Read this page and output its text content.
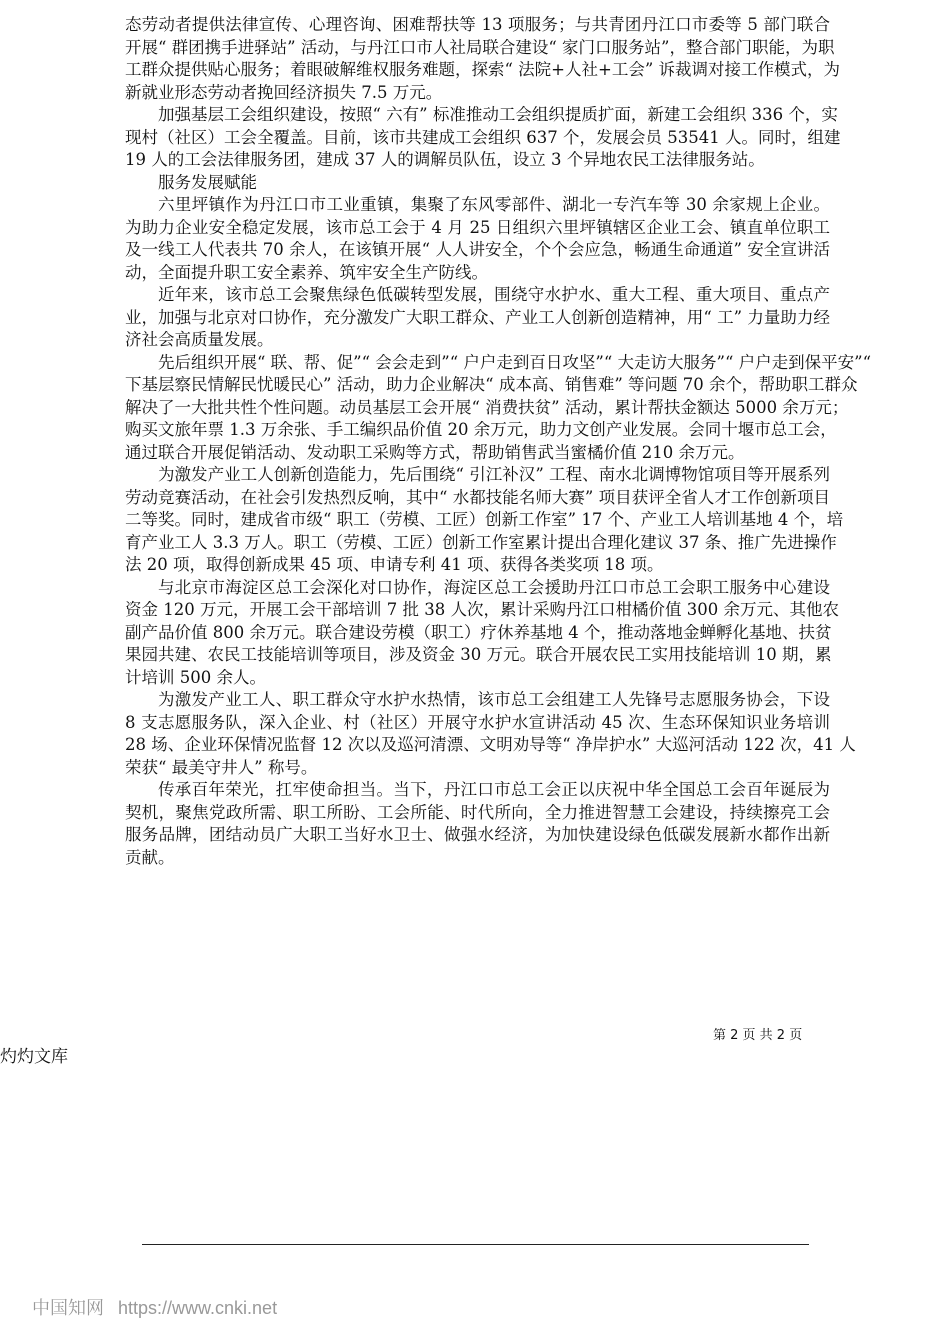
态劳动者提供法律宣传、心理咨询、困难帮扶等 13 项服务；与共青团丹江口市委等 5 部门联合
开展“ 群团携手进驿站” 活动，与丹江口市人社局联合建设“ 家门口服务站”，整合部门职能，为职
工群众提供贴心服务；着眼破解维权服务难题，探索“ 法院+人社+工会” 诉裁调对接工作模式，为
新就业形态劳动者挽回经济损失 7.5 万元。
加强基层工会组织建设，按照“ 六有” 标准推动工会组织提质扩面，新建工会组织 336 个，实
现村（社区）工会全覆盖。目前，该市共建成工会组织 637 个，发展会员 53541 人。同时，组建
19 人的工会法律服务团，建成 37 人的调解员队伍，设立 3 个异地农民工法律服务站。
服务发展赋能
六里坪镇作为丹江口市工业重镇，集聚了东风零部件、湖北一专汽车等 30 余家规上企业。
为助力企业安全稳定发展，该市总工会于 4 月 25 日组织六里坪镇辖区企业工会、镇直单位职工
及一线工人代表共 70 余人，在该镇开展“ 人人讲安全，个个会应急，畅通生命通道” 安全宣讲活
动，全面提升职工安全素养、筑牢安全生产防线。
近年来，该市总工会聚焦绿色低碳转型发展，围绕守水护水、重大工程、重大项目、重点产
业，加强与北京对口协作，充分激发广大职工群众、产业工人创新创造精神，用“ 工” 力量助力经
济社会高质量发展。
先后组织开展“ 联、帮、促”“ 会会走到”“ 户户走到百日攻坚”“ 大走访大服务”“ 户户走到保平安”“
下基层察民情解民忧暖民心” 活动，助力企业解决“ 成本高、销售难” 等问题 70 余个，帮助职工群众
解决了一大批共性个性问题。动员基层工会开展“ 消费扶贫” 活动，累计帮扶金额达 5000 余万元；
购买文旅年票 1.3 万余张、手工编织品价值 20 余万元，助力文创产业发展。会同十堰市总工会，
通过联合开展促销活动、发动职工采购等方式，帮助销售武当蜜橘价值 210 余万元。
为激发产业工人创新创造能力，先后围绕“ 引江补汉” 工程、南水北调博物馆项目等开展系列
劳动竞赛活动，在社会引发热烈反响，其中“ 水都技能名师大赛” 项目获评全省人才工作创新项目
二等奖。同时，建成省市级“ 职工（劳模、工匠）创新工作室” 17 个、产业工人培训基地 4 个，培
育产业工人 3.3 万人。职工（劳模、工匠）创新工作室累计提出合理化建议 37 条、推广先进操作
法 20 项，取得创新成果 45 项、申请专利 41 项、获得各类奖项 18 项。
与北京市海淀区总工会深化对口协作，海淀区总工会援助丹江口市总工会职工服务中心建设
资金 120 万元，开展工会干部培训 7 批 38 人次，累计采购丹江口柑橘价值 300 余万元、其他农
副产品价值 800 余万元。联合建设劳模（职工）疗休养基地 4 个，推动落地金蝉孵化基地、扶贫
果园共建、农民工技能培训等项目，涉及资金 30 万元。联合开展农民工实用技能培训 10 期，累
计培训 500 余人。
为激发产业工人、职工群众守水护水热情，该市总工会组建工人先锋号志愿服务协会，下设
8 支志愿服务队，深入企业、村（社区）开展守水护水宣讲活动 45 次、生态环保知识业务培训
28 场、企业环保情况监督 12 次以及巡河清漂、文明劝导等“ 净岸护水” 大巡河活动 122 次，41 人
荣获“ 最美守井人” 称号。
传承百年荣光，扛牢使命担当。当下，丹江口市总工会正以庆祝中华全国总工会百年诞辰为
契机，聚焦党政所需、职工所盼、工会所能、时代所向，全力推进智慧工会建设，持续擦亮工会
服务品牌，团结动员广大职工当好水卫士、做强水经济，为加快建设绿色低碳发展新水都作出新
贡献。
第 2 页 共 2 页
灼灼文库
中国知网 https://www.cnki.net
